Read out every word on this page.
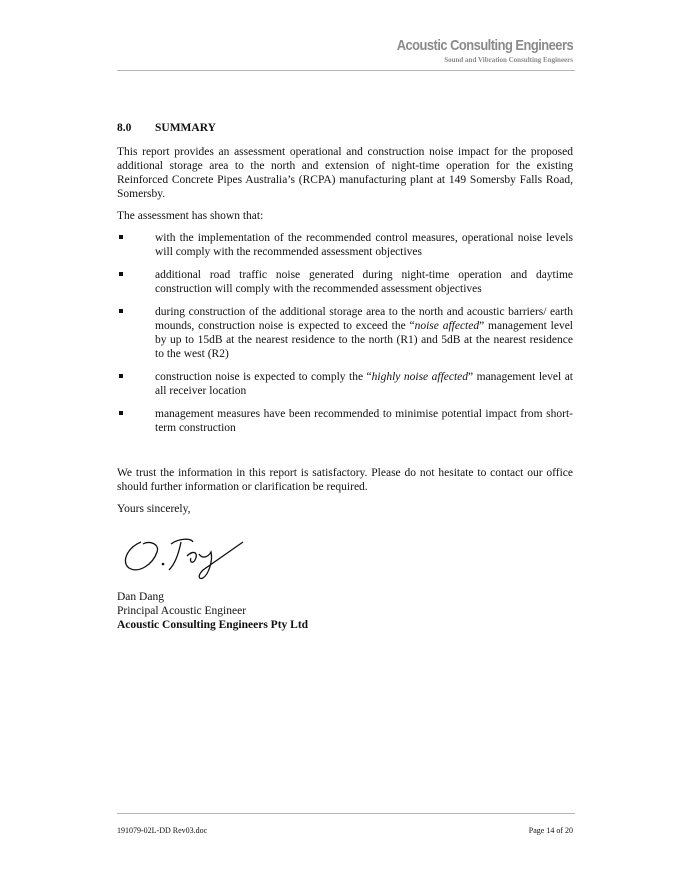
Acoustic Consulting Engineers
Sound and Vibration Consulting Engineers
8.0 SUMMARY

This report provides an assessment operational and construction noise impact for the proposed additional storage area to the north and extension of night-time operation for the existing Reinforced Concrete Pipes Australia’s (RCPA) manufacturing plant at 149 Somersby Falls Road, Somersby.

The assessment has shown that:

with the implementation of the recommended control measures, operational noise levels will comply with the recommended assessment objectives
additional road traffic noise generated during night-time operation and daytime construction will comply with the recommended assessment objectives
during construction of the additional storage area to the north and acoustic barriers/ earth mounds, construction noise is expected to exceed the “noise affected” management level by up to 15dB at the nearest residence to the north (R1) and 5dB at the nearest residence to the west (R2)
construction noise is expected to comply the “highly noise affected” management level at all receiver location
management measures have been recommended to minimise potential impact from short-term construction

We trust the information in this report is satisfactory. Please do not hesitate to contact our office should further information or clarification be required.

Yours sincerely,

Dan Dang
Principal Acoustic Engineer
Acoustic Consulting Engineers Pty Ltd
191079-02L-DD Rev03.doc	Page 14 of 20
